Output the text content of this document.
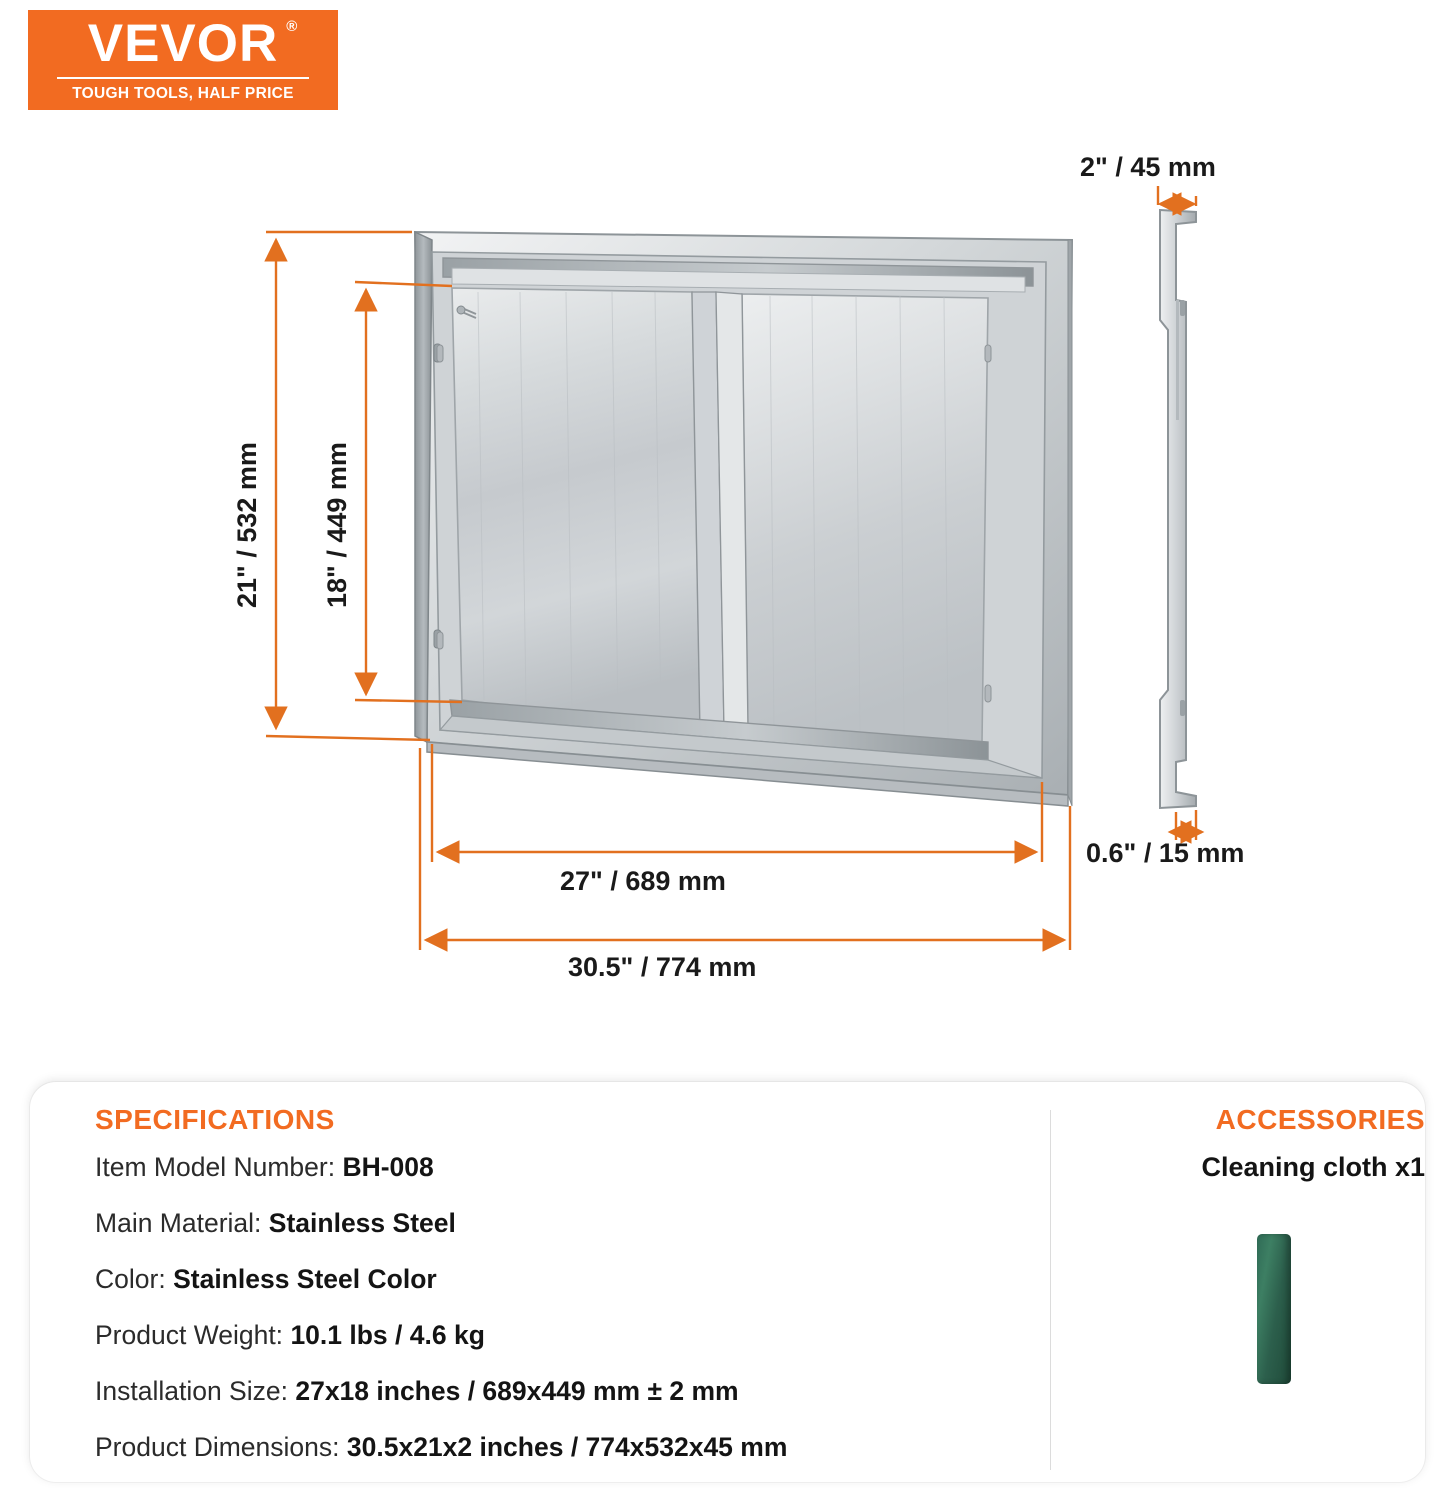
VEVOR ®
TOUGH TOOLS, HALF PRICE
2" / 45 mm
21" / 532 mm 18" / 449 mm
27" / 689 mm
30.5" / 774 mm
0.6" / 15 mm
SPECIFICATIONS

Item Model Number: BH-008

Main Material: Stainless Steel

Color: Stainless Steel Color

Product Weight: 10.1 lbs / 4.6 kg

Installation Size: 27x18 inches / 689x449 mm ± 2 mm

Product Dimensions: 30.5x21x2 inches / 774x532x45 mm

ACCESSORIES
Cleaning cloth x1
